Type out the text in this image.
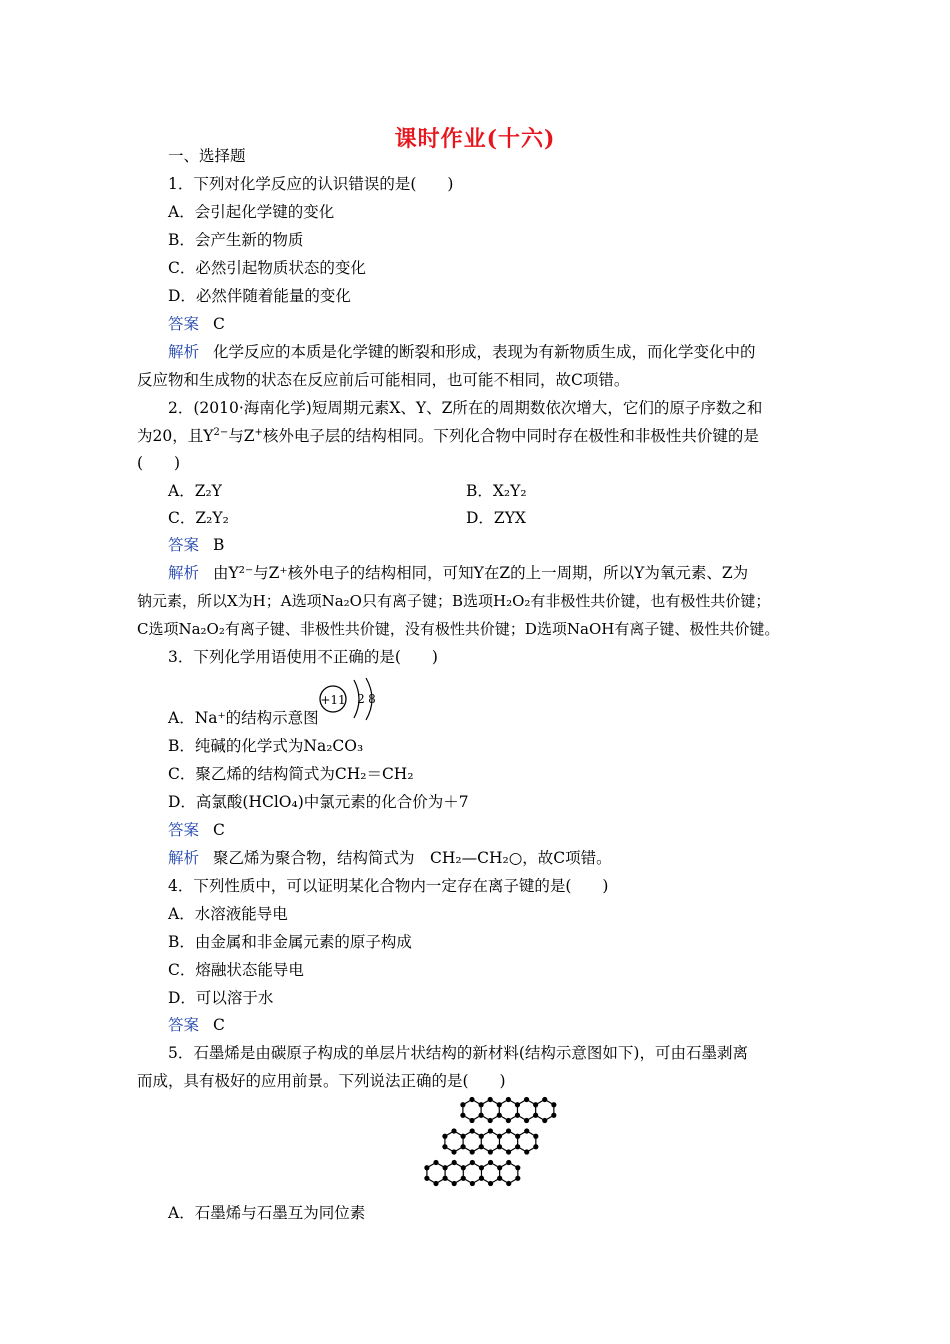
课时作业(十六)
一、选择题
1．下列对化学反应的认识错误的是(　　)
A．会引起化学键的变化
B．会产生新的物质
C．必然引起物质状态的变化
D．必然伴随着能量的变化
答案 C
解析 化学反应的本质是化学键的断裂和形成，表现为有新物质生成，而化学变化中的
反应物和生成物的状态在反应前后可能相同，也可能不相同，故C项错。
2．(2010·海南化学)短周期元素X、Y、Z所在的周期数依次增大，它们的原子序数之和
为20，且$Y^{2-}$与Z+核外电子层的结构相同。下列化合物中同时存在极性和非极性共价键的是
(　　)
A．Z₂Y	B．X₂Y₂
C．Z₂Y₂	D．ZYX
答案 B
解析 由Y²⁻与Z⁺核外电子的结构相同，可知Y在Z的上一周期，所以Y为氧元素、Z为
钠元素，所以X为H；A选项Na₂O只有离子键；B选项H₂O₂有非极性共价键，也有极性共价键；
C选项Na₂O₂有离子键、非极性共价键，没有极性共价键；D选项NaOH有离子键、极性共价键。
3．下列化学用语使用不正确的是(　　)
+11 2 8
A．Na⁺的结构示意图
B．纯碱的化学式为Na₂CO₃
C．聚乙烯的结构简式为CH₂＝CH₂
D．高氯酸(HClO₄)中氯元素的化合价为＋7
答案 C
解析 聚乙烯为聚合物，结构简式为　CH₂—CH₂○，故C项错。
4．下列性质中，可以证明某化合物内一定存在离子键的是(　　)
A．水溶液能导电
B．由金属和非金属元素的原子构成
C．熔融状态能导电
D．可以溶于水
答案 C
5．石墨烯是由碳原子构成的单层片状结构的新材料(结构示意图如下)，可由石墨剥离
而成，具有极好的应用前景。下列说法正确的是(　　)
A．石墨烯与石墨互为同位素
